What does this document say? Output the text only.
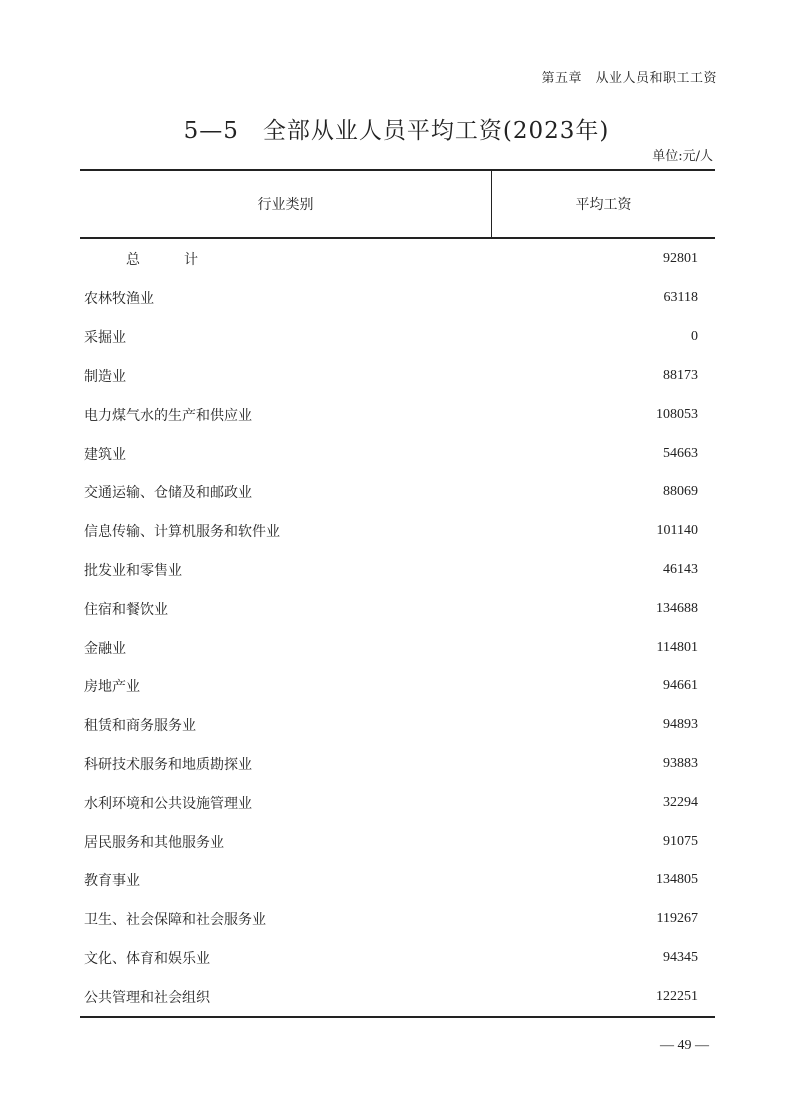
第五章　从业人员和职工工资
5—5　全部从业人员平均工资(2023年)
单位:元/人
行业类别	平均工资
总计	92801
农林牧渔业	63118
采掘业	0
制造业	88173
电力煤气水的生产和供应业	108053
建筑业	54663
交通运输、仓储及和邮政业	88069
信息传输、计算机服务和软件业	101140
批发业和零售业	46143
住宿和餐饮业	134688
金融业	114801
房地产业	94661
租赁和商务服务业	94893
科研技术服务和地质勘探业	93883
水利环境和公共设施管理业	32294
居民服务和其他服务业	91075
教育事业	134805
卫生、社会保障和社会服务业	119267
文化、体育和娱乐业	94345
公共管理和社会组织	122251
— 49 —
